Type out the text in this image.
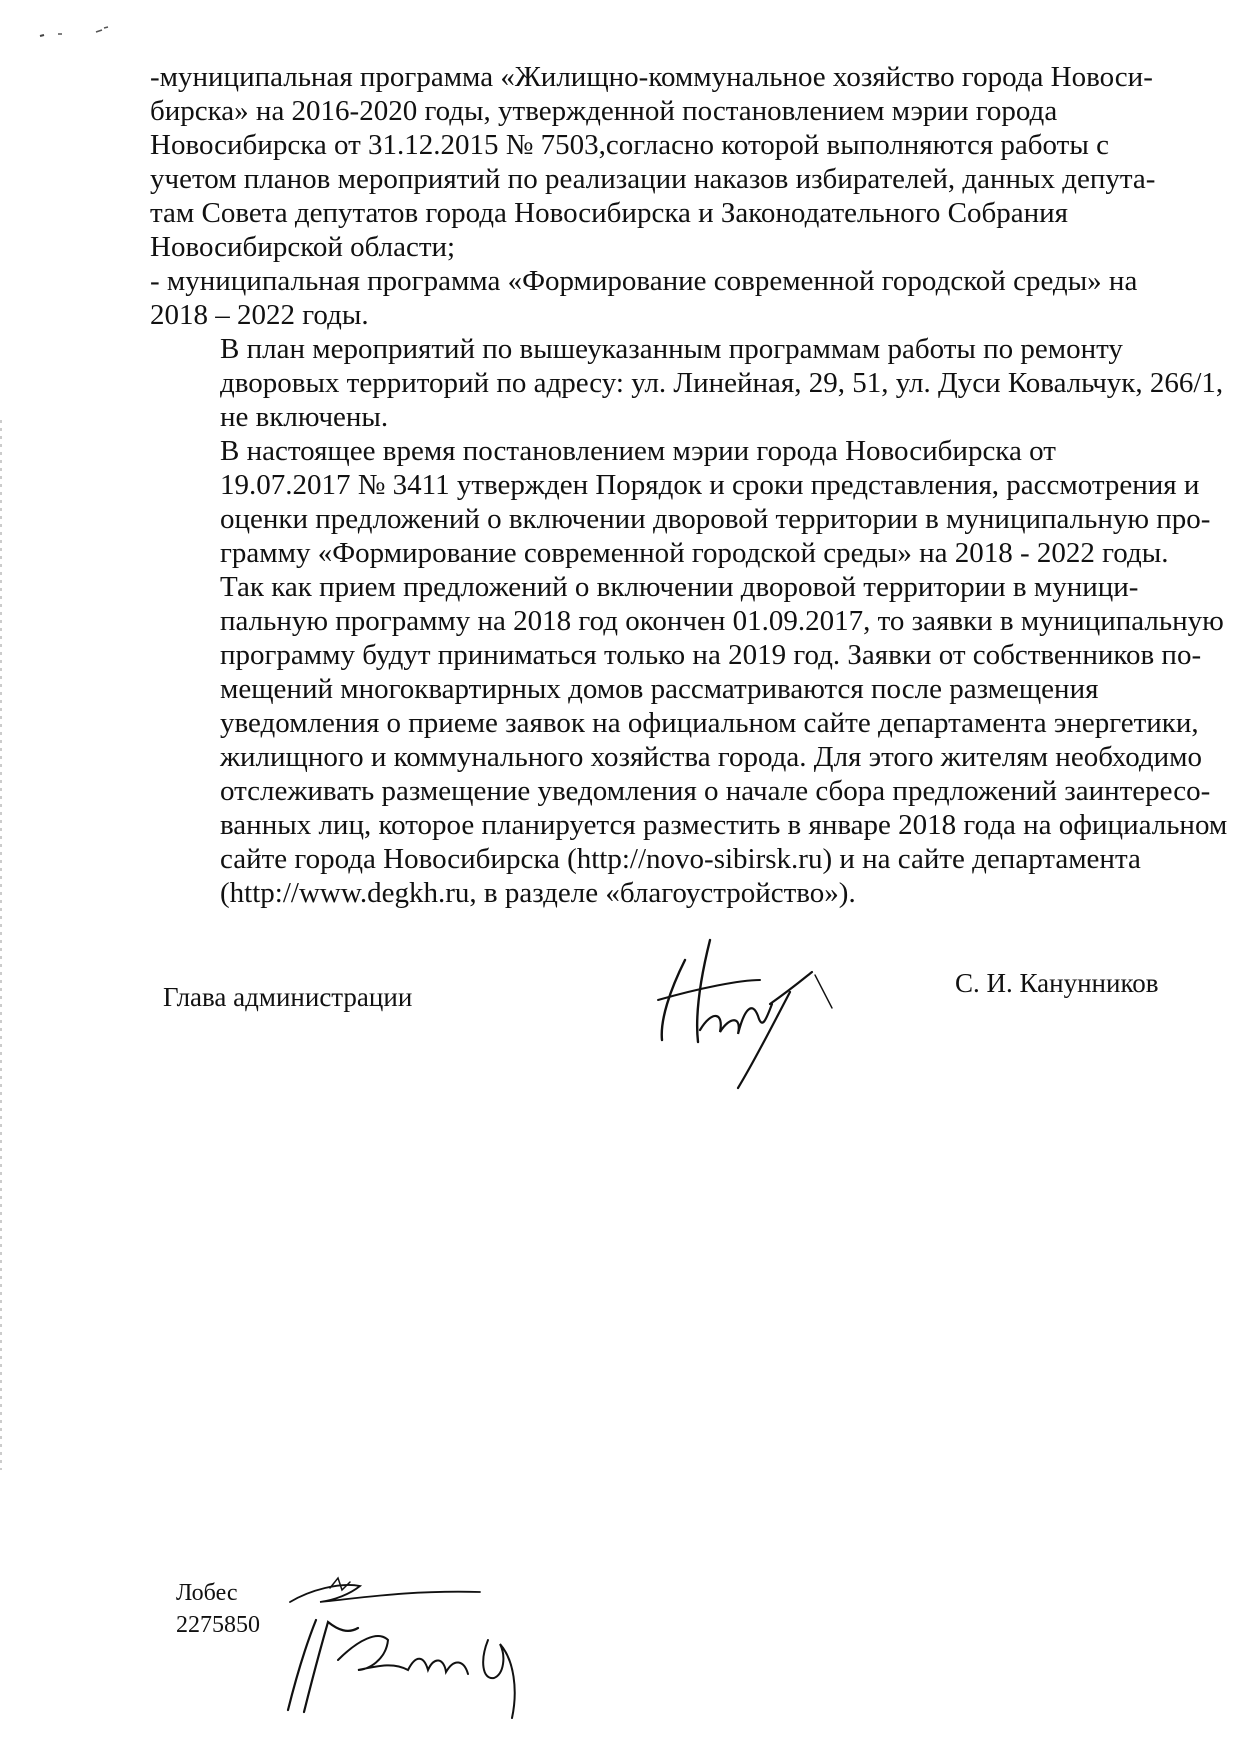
-муниципальная программа «Жилищно-коммунальное хозяйство города Новоси-
бирска» на 2016-2020 годы, утвержденной постановлением мэрии города
Новосибирска от 31.12.2015 № 7503,согласно которой выполняются работы с
учетом планов мероприятий по реализации наказов избирателей, данных депута-
там Совета депутатов города Новосибирска и Законодательного Собрания
Новосибирской области;

- муниципальная программа «Формирование современной городской среды» на
2018 – 2022 годы.

В план мероприятий по вышеуказанным программам работы по ремонту
дворовых территорий по адресу: ул. Линейная, 29, 51, ул. Дуси Ковальчук, 266/1,
не включены.

В настоящее время постановлением мэрии города Новосибирска от
19.07.2017 № 3411 утвержден Порядок и сроки представления, рассмотрения и
оценки предложений о включении дворовой территории в муниципальную про-
грамму «Формирование современной городской среды» на 2018 - 2022 годы.

Так как прием предложений о включении дворовой территории в муници-
пальную программу на 2018 год окончен 01.09.2017, то заявки в муниципальную
программу будут приниматься только на 2019 год. Заявки от собственников по-
мещений многоквартирных домов рассматриваются после размещения
уведомления о приеме заявок на официальном сайте департамента энергетики,
жилищного и коммунального хозяйства города. Для этого жителям необходимо
отслеживать размещение уведомления о начале сбора предложений заинтересо-
ванных лиц, которое планируется разместить в январе 2018 года на официальном
сайте города Новосибирска (http://novo-sibirsk.ru) и на сайте департамента
(http://www.degkh.ru, в разделе «благоустройство»).

Глава администрации	С. И. Канунников
Лобес
2275850
